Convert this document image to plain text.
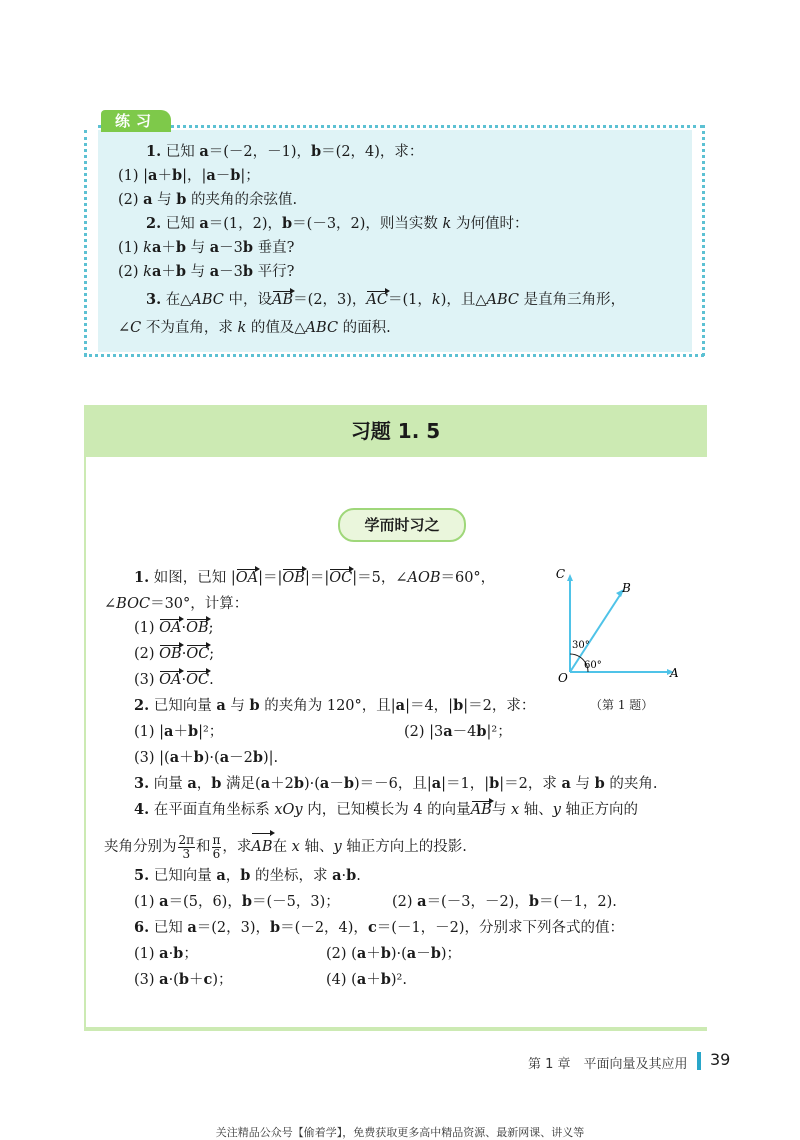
练习
1. 已知 a＝(－2，－1)，b＝(2，4)，求：
(1) |a＋b|，|a－b|；
(2) a 与 b 的夹角的余弦值.
2. 已知 a＝(1，2)，b＝(－3，2)，则当实数 k 为何值时：
(1) ka＋b 与 a－3b 垂直?
(2) ka＋b 与 a－3b 平行?
3. 在△ABC 中，设AB＝(2，3)，AC＝(1，k)，且△ABC 是直角三角形，
∠C 不为直角，求 k 的值及△ABC 的面积.
习题 1. 5
学而时习之
1. 如图，已知 |OA|＝|OB|＝|OC|＝5，∠AOB＝60°，
∠BOC＝30°，计算：
(1) OA·OB;
(2) OB·OC;
(3) OA·OC.
2. 已知向量 a 与 b 的夹角为 120°，且|a|＝4，|b|＝2，求：
(1) |a＋b|²；	(2) |3a－4b|²；
(3) |(a＋b)·(a－2b)|.
3. 向量 a，b 满足(a＋2b)·(a－b)＝－6，且|a|＝1，|b|＝2，求 a 与 b 的夹角.
4. 在平面直角坐标系 xOy 内，已知模长为 4 的向量AB与 x 轴、y 轴正方向的
夹角分别为 $\frac{2\pi}{3}$ 和 $\frac{\pi}{6}$ ，求AB在 x 轴、y 轴正方向上的投影.
5. 已知向量 a，b 的坐标，求 a·b.
(1) a＝(5，6)，b＝(－5，3)；	(2) a＝(－3，－2)，b＝(－1，2).
6. 已知 a＝(2，3)，b＝(－2，4)，c＝(－1，－2)，分别求下列各式的值：
(1) a·b；	(2) (a＋b)·(a－b)；
(3) a·(b＋c)；	(4) (a＋b)².
C
B
O	A
30°
60°
（第 1 题）
第 1 章　平面向量及其应用 39
关注精品公众号【偷着学】，免费获取更多高中精品资源、最新网课、讲义等
